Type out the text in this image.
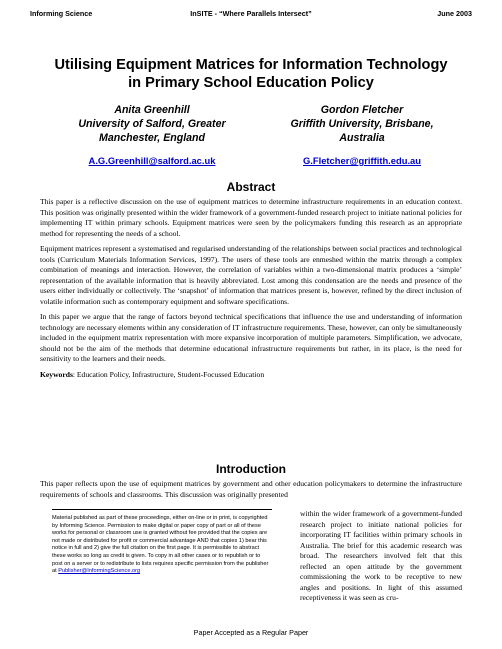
Informing Science	InSITE - “Where Parallels Intersect”	June 2003
Utilising Equipment Matrices for Information Technology
in Primary School Education Policy
Anita Greenhill
University of Salford, Greater
Manchester, England
A.G.Greenhill@salford.ac.uk
Gordon Fletcher
Griffith University, Brisbane,
Australia
G.Fletcher@griffith.edu.au
Abstract

This paper is a reflective discussion on the use of equipment matrices to determine infrastructure requirements in an education context. This position was originally presented within the wider framework of a government-funded research project to initiate national policies for implementing IT within primary schools. Equipment matrices were seen by the policymakers funding this research as an appropriate method for representing the needs of a school.

Equipment matrices represent a systematised and regularised understanding of the relationships between social practices and technological tools (Curriculum Materials Information Services, 1997). The users of these tools are enmeshed within the matrix through a complex combination of meanings and interaction. However, the correlation of variables within a two-dimensional matrix produces a ‘simple’ representation of the available information that is heavily abbreviated. Lost among this condensation are the needs and presence of the users either individually or collectively. The ‘snapshot’ of information that matrices present is, however, refined by the direct inclusion of volatile information such as contemporary equipment and software specifications.

In this paper we argue that the range of factors beyond technical specifications that influence the use and understanding of information technology are necessary elements within any consideration of IT infrastructure requirements. These, however, can only be simultaneously included in the equipment matrix representation with more expansive incorporation of multiple parameters. Simplification, we advocate, should not be the aim of the methods that determine educational infrastructure requirements but rather, in its place, is the need for sensitivity to the learners and their needs.

Keywords: Education Policy, Infrastructure, Student-Focussed Education

Introduction
This paper reflects upon the use of equipment matrices by government and other education policymakers to determine the infrastructure requirements of schools and classrooms. This discussion was originally presented
Material published as part of these proceedings, either on-line or in print, is copyrighted by Informing Science. Permission to make digital or paper copy of part or all of these works for personal or classroom use is granted without fee provided that the copies are not made or distributed for profit or commercial advantage AND that copies 1) bear this notice in full and 2) give the full citation on the first page. It is permissible to abstract these works so long as credit is given. To copy in all other cases or to republish or to post on a server or to redistribute to lists requires specific permission from the publisher at Publisher@InformingScience.org
within the wider framework of a government-funded research project to initiate national policies for incorporating IT facilities within primary schools in Australia. The brief for this academic research was broad. The researchers involved felt that this reflected an open attitude by the government commissioning the work to be receptive to new angles and positions. In light of this assumed receptiveness it was seen as cru-
Paper Accepted as a Regular Paper
